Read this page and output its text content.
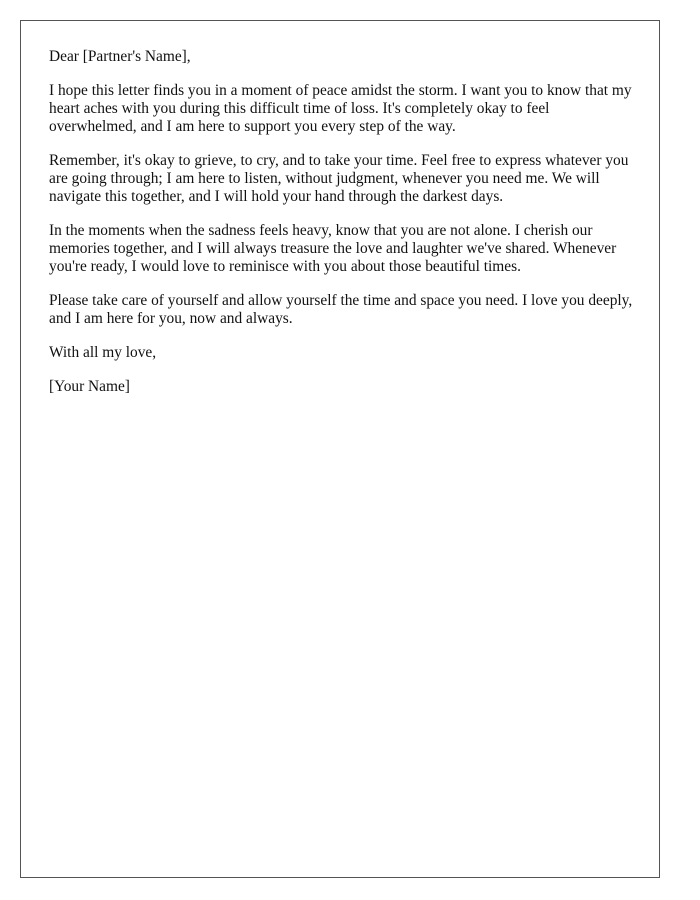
Dear [Partner's Name],

I hope this letter finds you in a moment of peace amidst the storm. I want you to know that my heart aches with you during this difficult time of loss. It's completely okay to feel overwhelmed, and I am here to support you every step of the way.

Remember, it's okay to grieve, to cry, and to take your time. Feel free to express whatever you are going through; I am here to listen, without judgment, whenever you need me. We will navigate this together, and I will hold your hand through the darkest days.

In the moments when the sadness feels heavy, know that you are not alone. I cherish our memories together, and I will always treasure the love and laughter we've shared. Whenever you're ready, I would love to reminisce with you about those beautiful times.

Please take care of yourself and allow yourself the time and space you need. I love you deeply, and I am here for you, now and always.

With all my love,

[Your Name]
